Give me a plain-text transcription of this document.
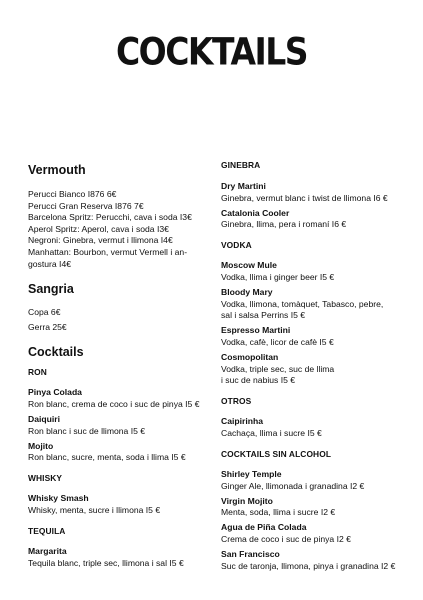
COCKTAILS
Vermouth
Perucci Bianco I876 6€
Perucci Gran Reserva I876 7€
Barcelona Spritz: Perucchi, cava i soda I3€
Aperol Spritz: Aperol, cava i soda I3€
Negroni: Ginebra, vermut i llimona I4€
Manhattan: Bourbon, vermut Vermell i an-
gostura I4€
Sangria
Copa 6€
Gerra 25€
Cocktails
RON
Pinya Colada
Ron blanc, crema de coco i suc de pinya I5 €
Daiquiri
Ron blanc i suc de llimona I5 €
Mojito
Ron blanc, sucre, menta, soda i llima I5 €
WHISKY
Whisky Smash
Whisky, menta, sucre i llimona I5 €
TEQUILA
Margarita
Tequila blanc, triple sec, llimona i sal I5 €
GINEBRA
Dry Martini
Ginebra, vermut blanc i twist de llimona I6 €
Catalonia Cooler
Ginebra, llima, pera i romaní I6 €
VODKA
Moscow Mule
Vodka, llima i ginger beer I5 €
Bloody Mary
Vodka, llimona, tomàquet, Tabasco, pebre,
sal i salsa Perrins I5 €
Espresso Martini
Vodka, cafè, licor de cafè I5 €
Cosmopolitan
Vodka, triple sec, suc de llima
i suc de nabius I5 €
OTROS
Caipirinha
Cachaça, llima i sucre I5 €
COCKTAILS SIN ALCOHOL
Shirley Temple
Ginger Ale, llimonada i granadina I2 €
Virgin Mojito
Menta, soda, llima i sucre I2 €
Agua de Piña Colada
Crema de coco i suc de pinya I2 €
San Francisco
Suc de taronja, llimona, pinya i granadina I2 €
